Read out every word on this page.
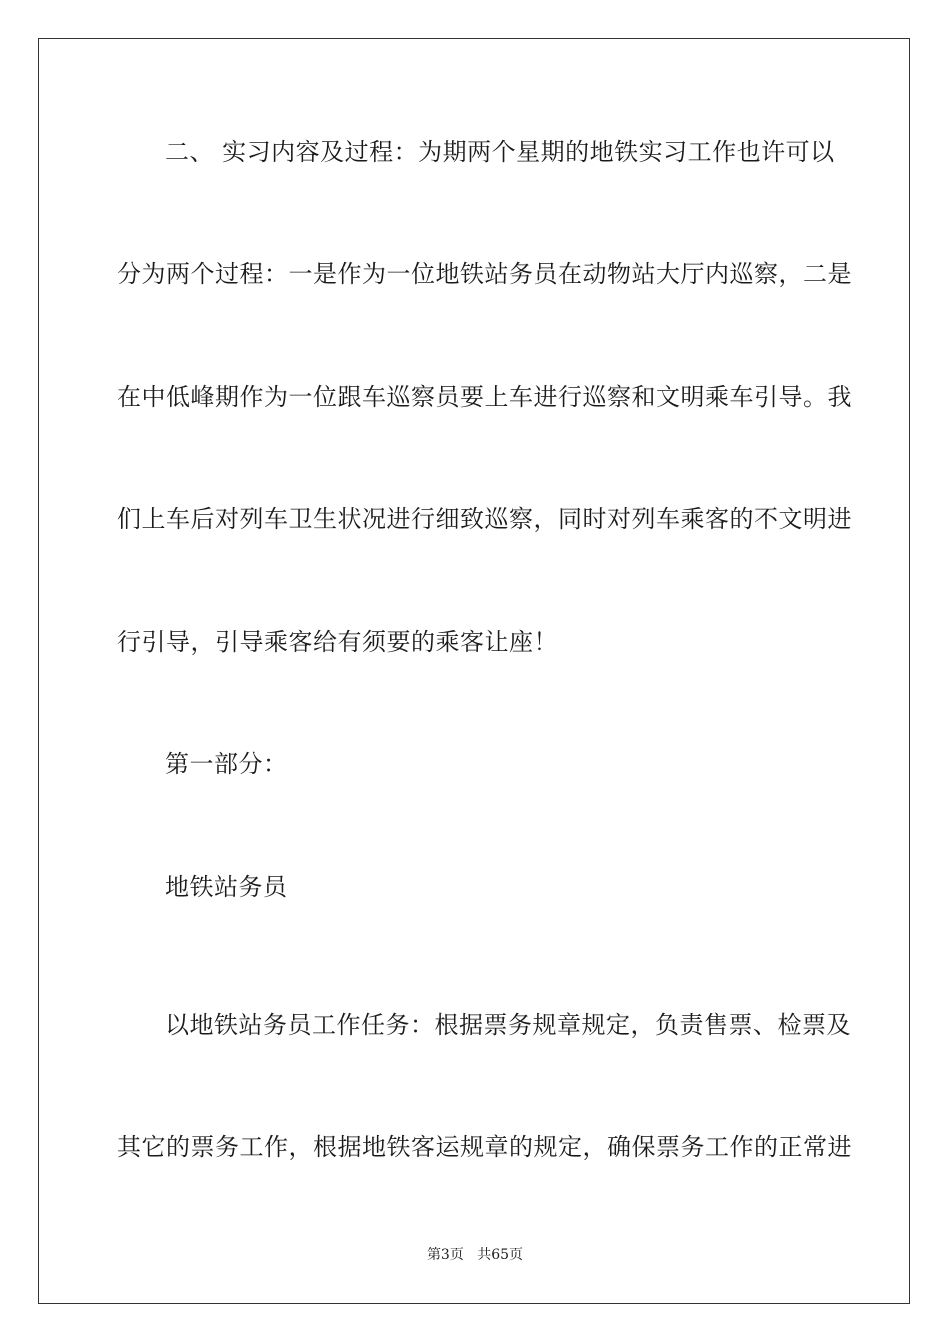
二、 实习内容及过程：为期两个星期的地铁实习工作也许可以
分为两个过程：一是作为一位地铁站务员在动物站大厅内巡察，二是
在中低峰期作为一位跟车巡察员要上车进行巡察和文明乘车引导。我
们上车后对列车卫生状况进行细致巡察，同时对列车乘客的不文明进
行引导，引导乘客给有须要的乘客让座！
第一部分：
地铁站务员
以地铁站务员工作任务：根据票务规章规定，负责售票、检票及
其它的票务工作，根据地铁客运规章的规定，确保票务工作的正常进
第3页 共65页
